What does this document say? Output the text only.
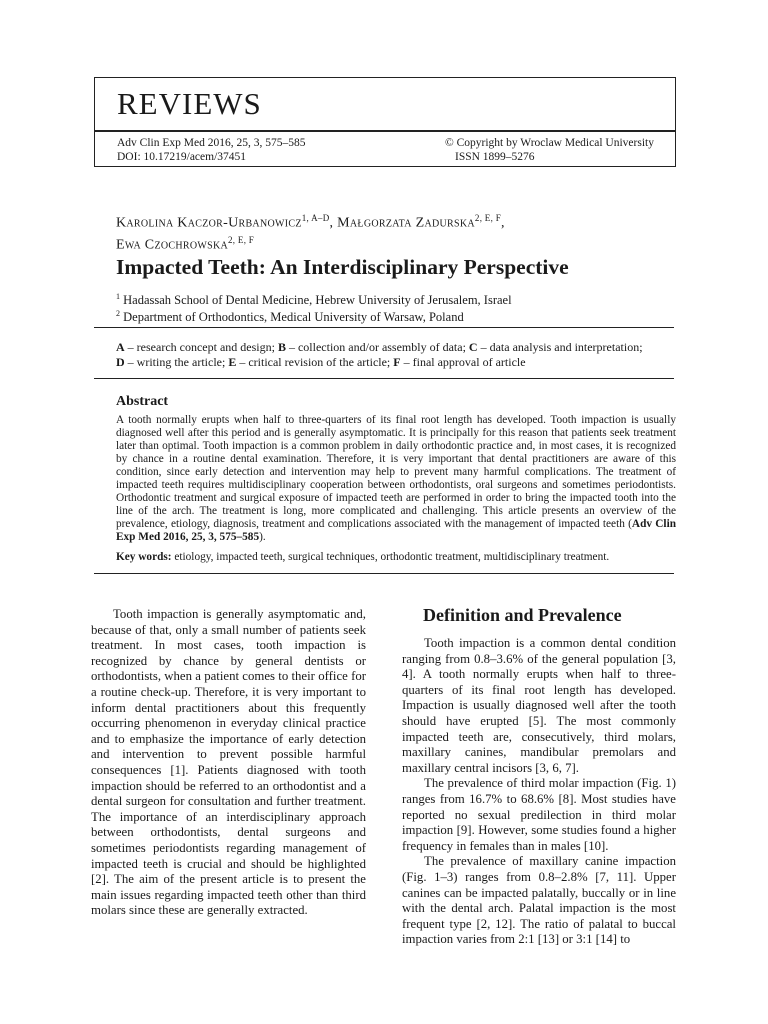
REVIEWS
Adv Clin Exp Med 2016, 25, 3, 575–585
DOI: 10.17219/acem/37451
© Copyright by Wroclaw Medical University
ISSN 1899–5276
Karolina Kaczor-Urbanowicz$^{1, A-D}$, Małgorzata Zadurska$^{2, E, F}$,
Ewa Czochrowska$^{2, E, F}$
Impacted Teeth: An Interdisciplinary Perspective
$^1$ Hadassah School of Dental Medicine, Hebrew University of Jerusalem, Israel
$^2$ Department of Orthodontics, Medical University of Warsaw, Poland
A – research concept and design; B – collection and/or assembly of data; C – data analysis and interpretation;
D – writing the article; E – critical revision of the article; F – final approval of article
Abstract
A tooth normally erupts when half to three-quarters of its final root length has developed. Tooth impaction is usually diagnosed well after this period and is generally asymptomatic. It is principally for this reason that patients seek treatment later than optimal. Tooth impaction is a common problem in daily orthodontic practice and, in most cases, it is recognized by chance in a routine dental examination. Therefore, it is very important that dental practitioners are aware of this condition, since early detection and intervention may help to prevent many harmful complications. The treatment of impacted teeth requires multidisciplinary cooperation between orthodontists, oral surgeons and sometimes periodontists. Orthodontic treatment and surgical exposure of impacted teeth are performed in order to bring the impacted tooth into the line of the arch. The treatment is long, more complicated and challenging. This article presents an overview of the prevalence, etiology, diagnosis, treatment and complications associated with the management of impacted teeth (Adv Clin Exp Med 2016, 25, 3, 575–585).
Key words: etiology, impacted teeth, surgical techniques, orthodontic treatment, multidisciplinary treatment.

Tooth impaction is generally asymptomatic and, because of that, only a small number of patients seek treatment. In most cases, tooth impaction is recognized by chance by general dentists or orthodontists, when a patient comes to their office for a routine check-up. Therefore, it is very important to inform dental practitioners about this frequently occurring phenomenon in everyday clinical practice and to emphasize the importance of early detection and intervention to prevent possible harmful consequences [1]. Patients diagnosed with tooth impaction should be referred to an orthodontist and a dental surgeon for consultation and further treatment. The importance of an interdisciplinary approach between orthodontists, dental surgeons and sometimes periodontists regarding management of impacted teeth is crucial and should be highlighted [2]. The aim of the present article is to present the main issues regarding impacted teeth other than third molars since these are generally extracted.

Definition and Prevalence

Tooth impaction is a common dental condition ranging from 0.8–3.6% of the general population [3, 4]. A tooth normally erupts when half to three-quarters of its final root length has developed. Impaction is usually diagnosed well after the tooth should have erupted [5]. The most commonly impacted teeth are, consecutively, third molars, maxillary canines, mandibular premolars and maxillary central incisors [3, 6, 7].

The prevalence of third molar impaction (Fig. 1) ranges from 16.7% to 68.6% [8]. Most studies have reported no sexual predilection in third molar impaction [9]. However, some studies found a higher frequency in females than in males [10].

The prevalence of maxillary canine impaction (Fig. 1–3) ranges from 0.8–2.8% [7, 11]. Upper canines can be impacted palatally, buccally or in line with the dental arch. Palatal impaction is the most frequent type [2, 12]. The ratio of palatal to buccal impaction varies from 2:1 [13] or 3:1 [14] to
